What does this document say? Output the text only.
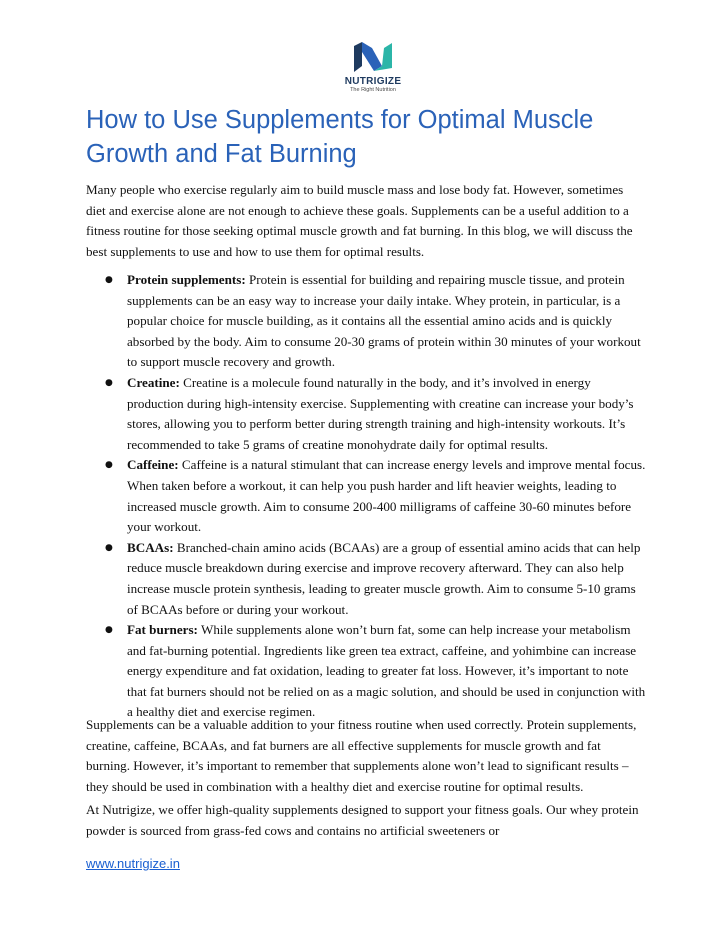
NUTRIGIZE
The Right Nutrition
How to Use Supplements for Optimal Muscle Growth and Fat Burning

Many people who exercise regularly aim to build muscle mass and lose body fat. However, sometimes diet and exercise alone are not enough to achieve these goals. Supplements can be a useful addition to a fitness routine for those seeking optimal muscle growth and fat burning. In this blog, we will discuss the best supplements to use and how to use them for optimal results.

● Protein supplements: Protein is essential for building and repairing muscle tissue, and protein supplements can be an easy way to increase your daily intake. Whey protein, in particular, is a popular choice for muscle building, as it contains all the essential amino acids and is quickly absorbed by the body. Aim to consume 20-30 grams of protein within 30 minutes of your workout to support muscle recovery and growth.
● Creatine: Creatine is a molecule found naturally in the body, and it’s involved in energy production during high-intensity exercise. Supplementing with creatine can increase your body’s stores, allowing you to perform better during strength training and high-intensity workouts. It’s recommended to take 5 grams of creatine monohydrate daily for optimal results.
● Caffeine: Caffeine is a natural stimulant that can increase energy levels and improve mental focus. When taken before a workout, it can help you push harder and lift heavier weights, leading to increased muscle growth. Aim to consume 200-400 milligrams of caffeine 30-60 minutes before your workout.
● BCAAs: Branched-chain amino acids (BCAAs) are a group of essential amino acids that can help reduce muscle breakdown during exercise and improve recovery afterward. They can also help increase muscle protein synthesis, leading to greater muscle growth. Aim to consume 5-10 grams of BCAAs before or during your workout.
● Fat burners: While supplements alone won’t burn fat, some can help increase your metabolism and fat-burning potential. Ingredients like green tea extract, caffeine, and yohimbine can increase energy expenditure and fat oxidation, leading to greater fat loss. However, it’s important to note that fat burners should not be relied on as a magic solution, and should be used in conjunction with a healthy diet and exercise regimen.

Supplements can be a valuable addition to your fitness routine when used correctly. Protein supplements, creatine, caffeine, BCAAs, and fat burners are all effective supplements for muscle growth and fat burning. However, it’s important to remember that supplements alone won’t lead to significant results – they should be used in combination with a healthy diet and exercise routine for optimal results.

At Nutrigize, we offer high-quality supplements designed to support your fitness goals. Our whey protein powder is sourced from grass-fed cows and contains no artificial sweeteners or

www.nutrigize.in
